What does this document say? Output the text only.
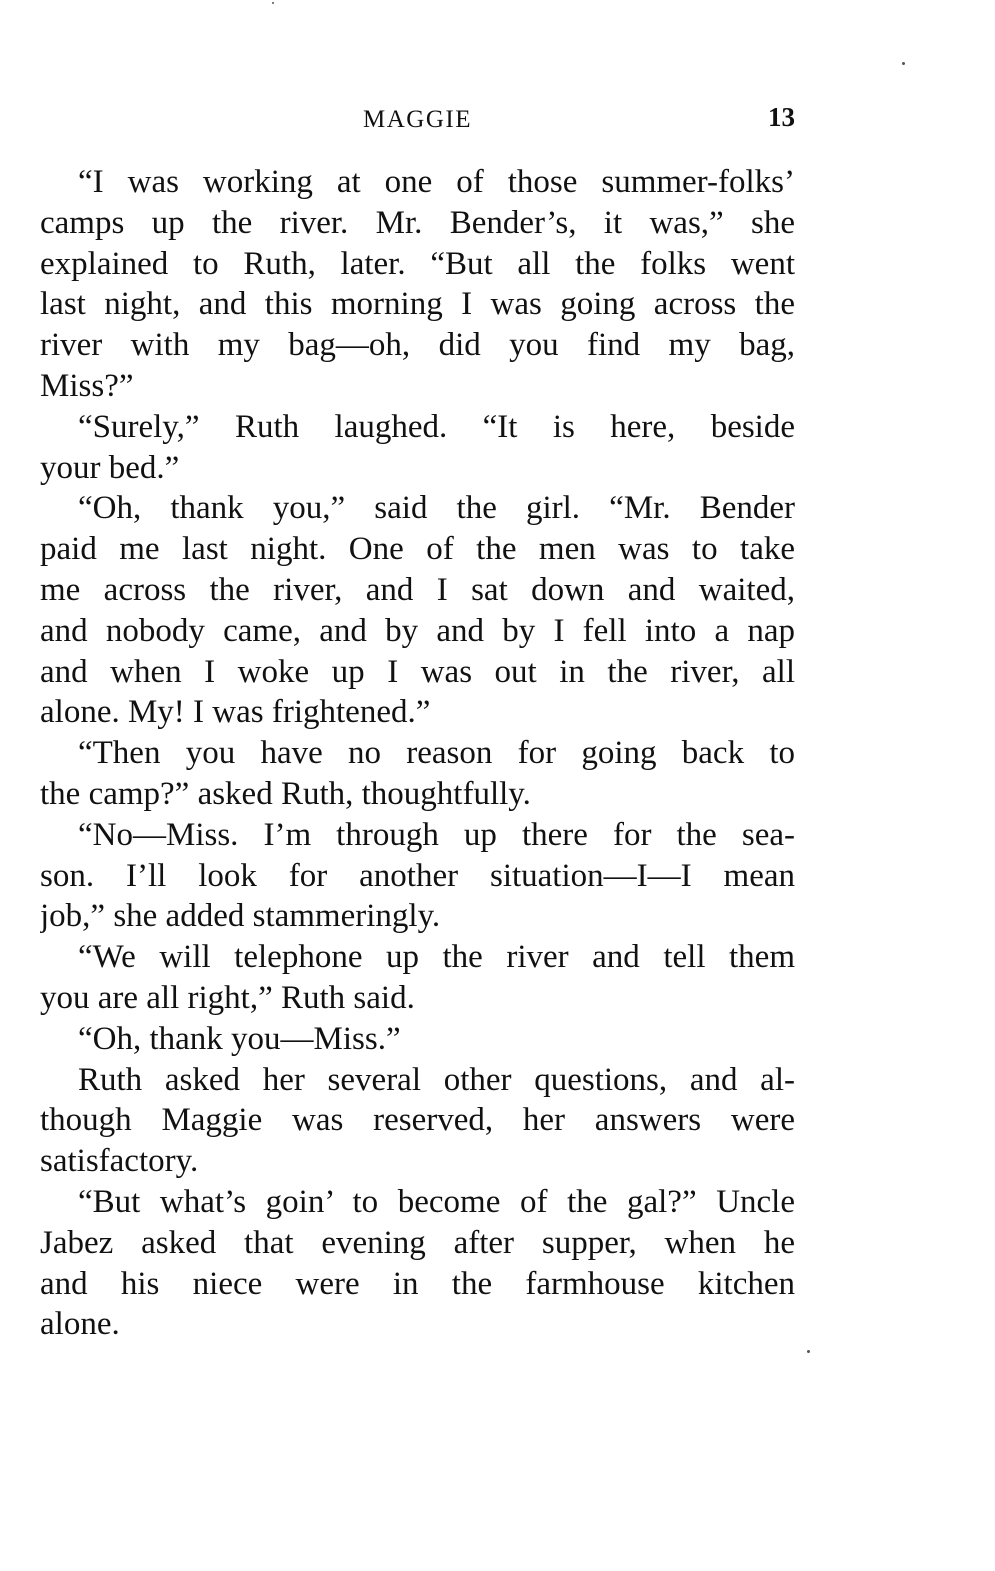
MAGGIE	13
“I was working at one of those summer-folks’
camps up the river. Mr. Bender’s, it was,” she
explained to Ruth, later. “But all the folks went
last night, and this morning I was going across the
river with my bag—oh, did you find my bag,
Miss?”
“Surely,” Ruth laughed. “It is here, beside
your bed.”
“Oh, thank you,” said the girl. “Mr. Bender
paid me last night. One of the men was to take
me across the river, and I sat down and waited,
and nobody came, and by and by I fell into a nap
and when I woke up I was out in the river, all
alone. My! I was frightened.”
“Then you have no reason for going back to
the camp?” asked Ruth, thoughtfully.
“No—Miss. I’m through up there for the sea-
son. I’ll look for another situation—I—I mean
job,” she added stammeringly.
“We will telephone up the river and tell them
you are all right,” Ruth said.
“Oh, thank you—Miss.”
Ruth asked her several other questions, and al-
though Maggie was reserved, her answers were
satisfactory.
“But what’s goin’ to become of the gal?” Uncle
Jabez asked that evening after supper, when he
and his niece were in the farmhouse kitchen
alone.
